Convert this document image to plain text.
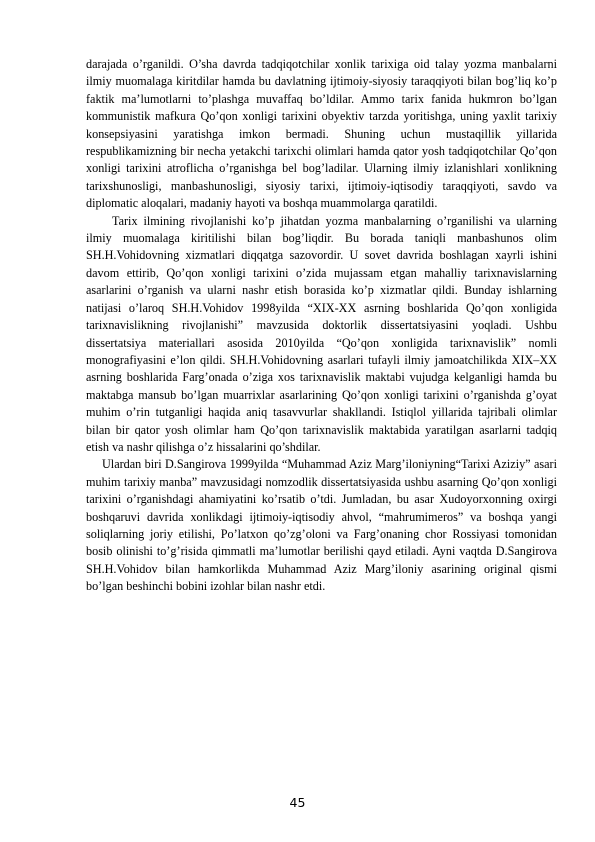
darajada o’rganildi. O’sha davrda tadqiqotchilar xonlik tarixiga oid talay yozma manbalarni ilmiy muomalaga kiritdilar hamda bu davlatning ijtimoiy-siyosiy taraqqiyoti bilan bog’liq ko’p faktik ma’lumotlarni to’plashga muvaffaq bo’ldilar. Ammo tarix fanida hukmron bo’lgan kommunistik mafkura Qo’qon xonligi tarixini obyektiv tarzda yoritishga, uning yaxlit tarixiy konsepsiyasini yaratishga imkon bermadi. Shuning uchun mustaqillik yillarida respublikamizning bir necha yetakchi tarixchi olimlari hamda qator yosh tadqiqotchilar Qo’qon xonligi tarixini atroflicha o’rganishga bel bog’ladilar. Ularning ilmiy izlanishlari xonlikning tarixshunosligi, manbashunosligi, siyosiy tarixi, ijtimoiy-iqtisodiy taraqqiyoti, savdo va diplomatic aloqalari, madaniy hayoti va boshqa muammolarga qaratildi.

Tarix ilmining rivojlanishi ko’p jihatdan yozma manbalarning o’rganilishi va ularning ilmiy muomalaga kiritilishi bilan bog’liqdir. Bu borada taniqli manbashunos olim SH.H.Vohidovning xizmatlari diqqatga sazovordir. U sovet davrida boshlagan xayrli ishini davom ettirib, Qo’qon xonligi tarixini o’zida mujassam etgan mahalliy tarixnavislarning asarlarini o’rganish va ularni nashr etish borasida ko’p xizmatlar qildi. Bunday ishlarning natijasi o’laroq SH.H.Vohidov 1998yilda “XIX-XX asrning boshlarida Qo’qon xonligida tarixnavislikning rivojlanishi” mavzusida doktorlik dissertatsiyasini yoqladi. Ushbu dissertatsiya materiallari asosida 2010yilda “Qo’qon xonligida tarixnavislik” nomli monografiyasini e’lon qildi. SH.H.Vohidovning asarlari tufayli ilmiy jamoatchilikda XIX–XX asrning boshlarida Farg’onada o’ziga xos tarixnavislik maktabi vujudga kelganligi hamda bu maktabga mansub bo’lgan muarrixlar asarlarining Qo’qon xonligi tarixini o’rganishda g’oyat muhim o’rin tutganligi haqida aniq tasavvurlar shakllandi. Istiqlol yillarida tajribali olimlar bilan bir qator yosh olimlar ham Qo’qon tarixnavislik maktabida yaratilgan asarlarni tadqiq etish va nashr qilishga o’z hissalarini qo’shdilar.

Ulardan biri D.Sangirova 1999yilda “Muhammad Aziz Marg’iloniyning“Tarixi Aziziy” asari muhim tarixiy manba” mavzusidagi nomzodlik dissertatsiyasida ushbu asarning Qo’qon xonligi tarixini o’rganishdagi ahamiyatini ko’rsatib o’tdi. Jumladan, bu asar Xudoyorxonning oxirgi boshqaruvi davrida xonlikdagi ijtimoiy-iqtisodiy ahvol, “mahrumimeros” va boshqa yangi soliqlarning joriy etilishi, Po’latxon qo’zg’oloni va Farg’onaning chor Rossiyasi tomonidan bosib olinishi to’g’risida qimmatli ma’lumotlar berilishi qayd etiladi. Ayni vaqtda D.Sangirova SH.H.Vohidov bilan hamkorlikda Muhammad Aziz Marg’iloniy asarining original qismi bo’lgan beshinchi bobini izohlar bilan nashr etdi.

45
